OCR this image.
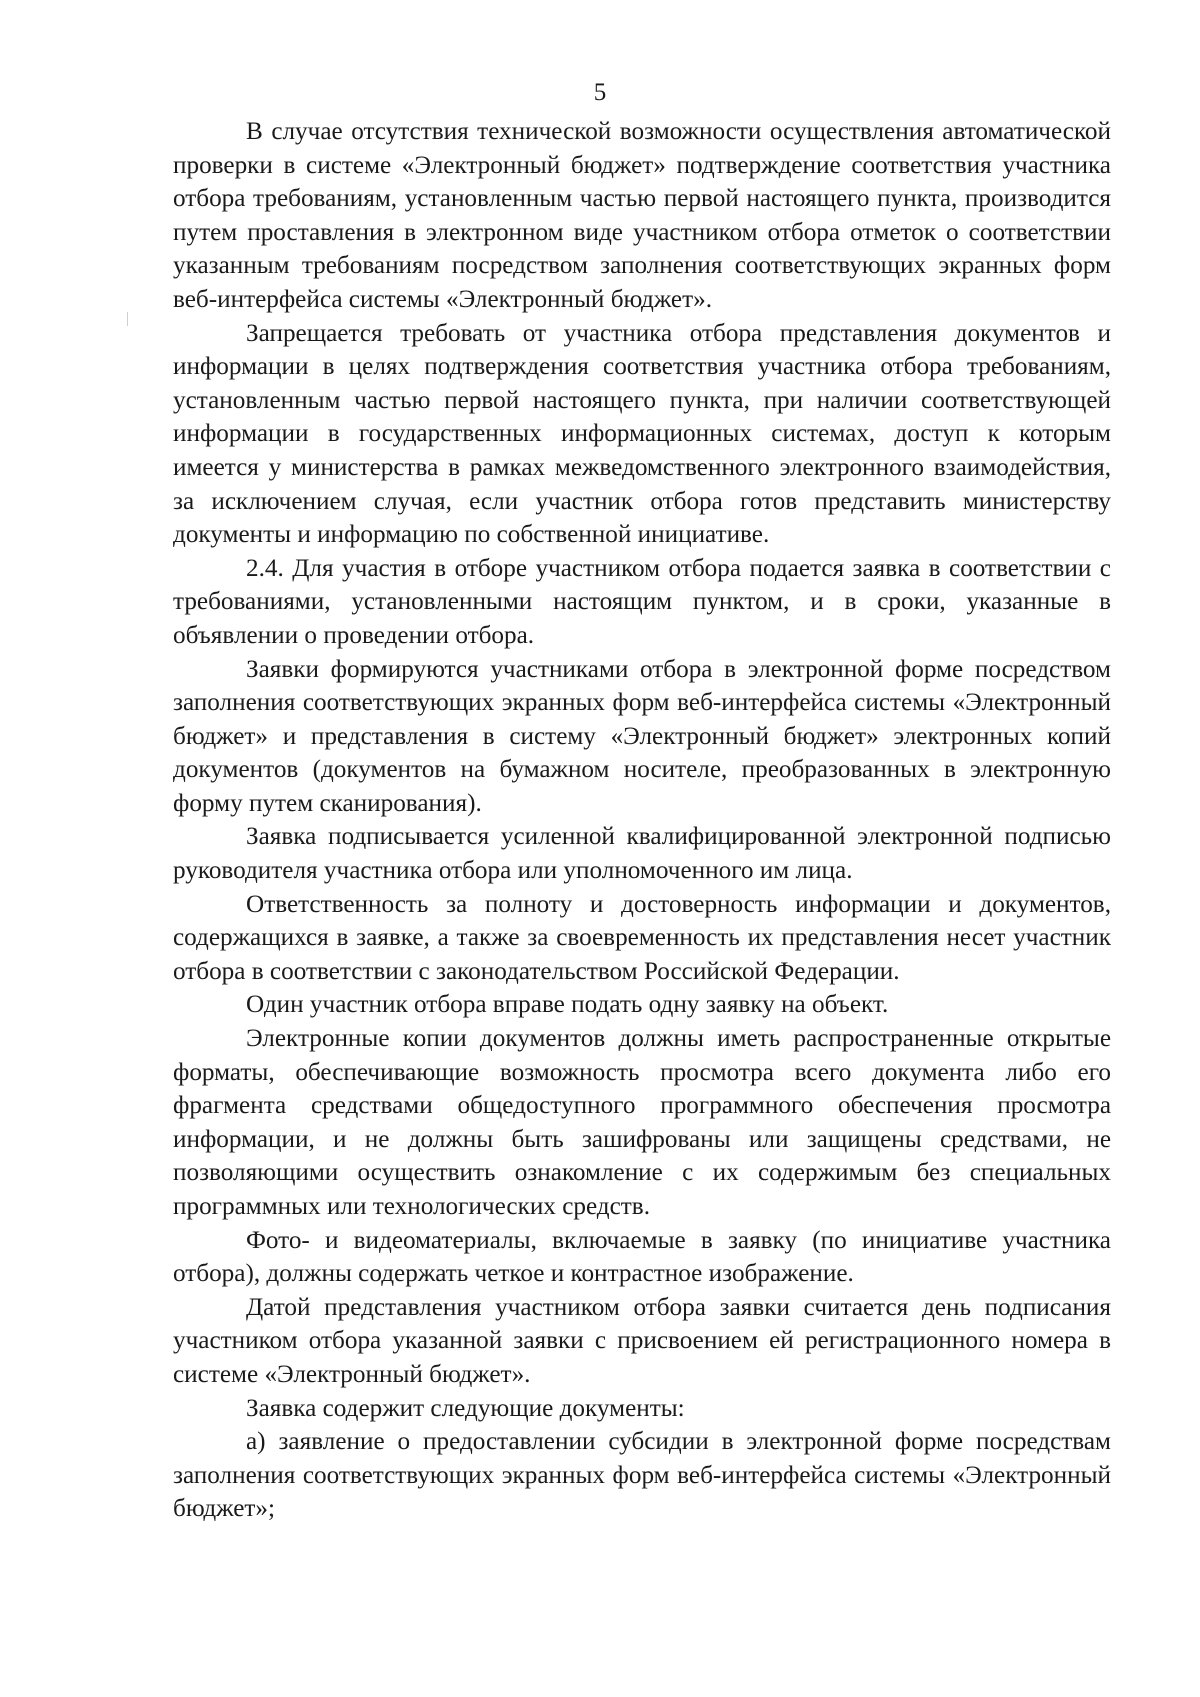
5

В случае отсутствия технической возможности осуществления автоматической проверки в системе «Электронный бюджет» подтверждение соответствия участника отбора требованиям, установленным частью первой настоящего пункта, производится путем проставления в электронном виде участником отбора отметок о соответствии указанным требованиям посредством заполнения соответствующих экранных форм веб-интерфейса системы «Электронный бюджет».

Запрещается требовать от участника отбора представления документов и информации в целях подтверждения соответствия участника отбора требованиям, установленным частью первой настоящего пункта, при наличии соответствующей информации в государственных информационных системах, доступ к которым имеется у министерства в рамках межведомственного электронного взаимодействия, за исключением случая, если участник отбора готов представить министерству документы и информацию по собственной инициативе.

2.4. Для участия в отборе участником отбора подается заявка в соответствии с требованиями, установленными настоящим пунктом, и в сроки, указанные в объявлении о проведении отбора.

Заявки формируются участниками отбора в электронной форме посредством заполнения соответствующих экранных форм веб-интерфейса системы «Электронный бюджет» и представления в систему «Электронный бюджет» электронных копий документов (документов на бумажном носителе, преобразованных в электронную форму путем сканирования).

Заявка подписывается усиленной квалифицированной электронной подписью руководителя участника отбора или уполномоченного им лица.

Ответственность за полноту и достоверность информации и документов, содержащихся в заявке, а также за своевременность их представления несет участник отбора в соответствии с законодательством Российской Федерации.

Один участник отбора вправе подать одну заявку на объект.

Электронные копии документов должны иметь распространенные открытые форматы, обеспечивающие возможность просмотра всего документа либо его фрагмента средствами общедоступного программного обеспечения просмотра информации, и не должны быть зашифрованы или защищены средствами, не позволяющими осуществить ознакомление с их содержимым без специальных программных или технологических средств.

Фото- и видеоматериалы, включаемые в заявку (по инициативе участника отбора), должны содержать четкое и контрастное изображение.

Датой представления участником отбора заявки считается день подписания участником отбора указанной заявки с присвоением ей регистрационного номера в системе «Электронный бюджет».

Заявка содержит следующие документы:

а) заявление о предоставлении субсидии в электронной форме посредствам заполнения соответствующих экранных форм веб-интерфейса системы «Электронный бюджет»;
